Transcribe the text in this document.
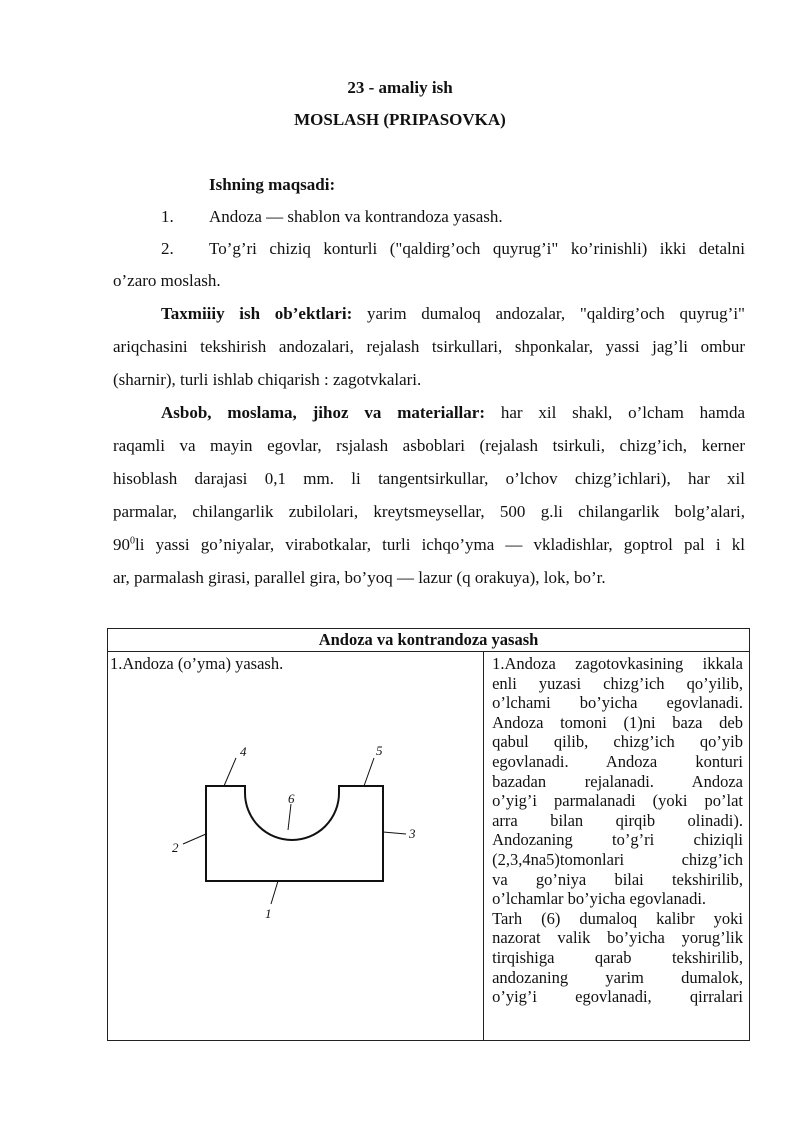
23 - amaliy ish
MOSLASH (PRIPASOVKA)
Ishning maqsadi:
1. Andoza — shablon va kontrandoza yasash.
2. To’g’ri chiziq konturli ("qaldirg’och quyrug’i" ko’rinishli) ikki detalni
o’zaro moslash.
Taxmiiiy ish ob’ektlari: yarim dumaloq andozalar, "qaldirg’och quyrug’i"
ariqchasini tekshirish andozalari, rejalash tsirkullari, shponkalar, yassi jag’li ombur
(sharnir), turli ishlab chiqarish : zagotvkalari.
Asbob, moslama, jihoz va materiallar: har xil shakl, o’lcham hamda
raqamli va mayin egovlar, rsjalash asboblari (rejalash tsirkuli, chizg’ich, kerner
hisoblash darajasi 0,1 mm. li tangentsirkullar, o’lchov chizg’ichlari), har xil
parmalar, chilangarlik zubilolari, kreytsmeysellar, 500 g.li chilangarlik bolg’alari,
$90^0li$ yassi go’niyalar, virabotkalar, turli ichqo’yma — vkladishlar, goptrol pal i kl
ar, parmalash girasi, parallel gira, bo’yoq — lazur (q orakuya), lok, bo’r.
Andoza va kontrandoza yasash

1.Andoza (o’yma) yasash.
1
2
3
4	5
6

1.Andoza zagotovkasining ikkala
enli yuzasi chizg’ich qo’yilib,
o’lchami bo’yicha egovlanadi.
Andoza tomoni (1)ni baza deb
qabul qilib, chizg’ich qo’yib
egovlanadi. Andoza konturi
bazadan rejalanadi. Andoza
o’yig’i parmalanadi (yoki po’lat
arra bilan qirqib olinadi).
Andozaning to’g’ri chiziqli
(2,3,4na5)tomonlari chizg’ich
va go’niya bilai tekshirilib,
o’lchamlar bo’yicha egovlanadi.
Tarh (6) dumaloq kalibr yoki
nazorat valik bo’yicha yorug’lik
tirqishiga qarab tekshirilib,
andozaning yarim dumalok,
o’yig’i egovlanadi, qirralari
